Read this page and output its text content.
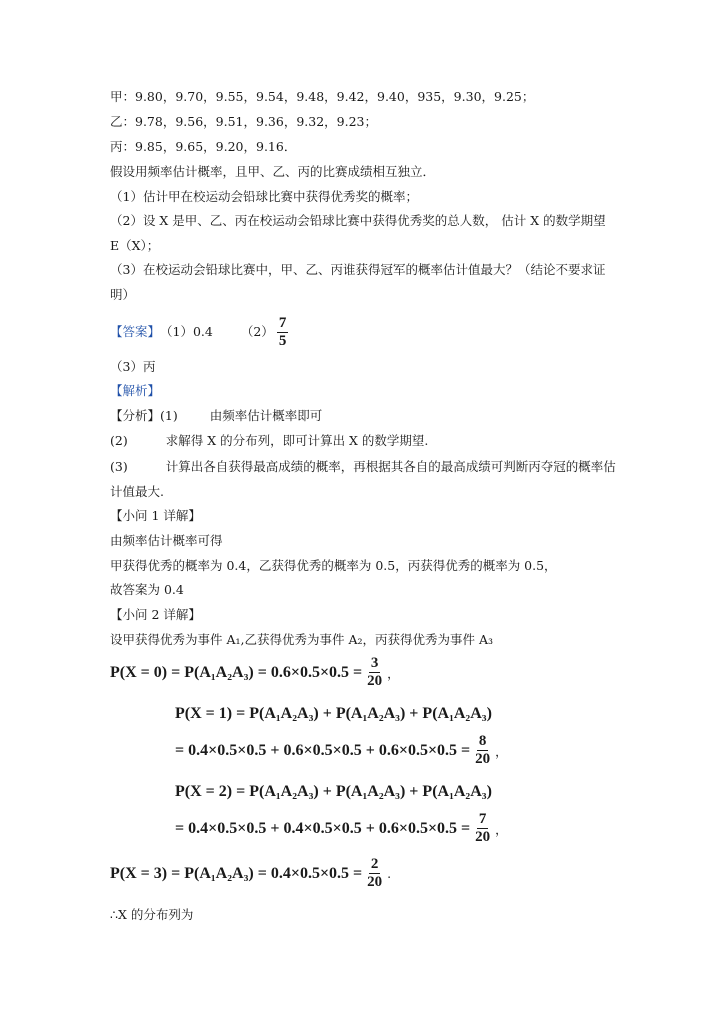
甲：9.80，9.70，9.55，9.54，9.48，9.42，9.40，935，9.30，9.25；
乙：9.78，9.56，9.51，9.36，9.32，9.23；
丙：9.85，9.65，9.20，9.16．
假设用频率估计概率，且甲、乙、丙的比赛成绩相互独立．
（1）估计甲在校运动会铅球比赛中获得优秀奖的概率；
（2）设 X 是甲、乙、丙在校运动会铅球比赛中获得优秀奖的总人数， 估计 X 的数学期望
E（X）；
（3）在校运动会铅球比赛中，甲、乙、丙谁获得冠军的概率估计值最大？（结论不要求证
明）
【答案】 （1）0.4 $(2) \frac{7}{5}$
（3）丙
【解析】
【分析】(1)	由频率估计概率即可
(2)	求解得 X 的分布列，即可计算出 X 的数学期望.
(3)	计算出各自获得最高成绩的概率，再根据其各自的最高成绩可判断丙夺冠的概率估
计值最大.
【小问 1 详解】
由频率估计概率可得
甲获得优秀的概率为 0.4，乙获得优秀的概率为 0.5，丙获得优秀的概率为 0.5，
故答案为 0.4
【小问 2 详解】
设甲获得优秀为事件 A₁,乙获得优秀为事件 A₂，丙获得优秀为事件 A₃
$P(X = 0) = P(A_1A_2A_3) = 0.6\times 0.5\times 0.5 = \frac{3}{20}$ ，
P(X = 1) = P(A₁A₂A₃) + P(A₁A₂A₃) + P(A₁A₂A₃)
= $0.4\times 0.5\times 0.5 + 0.6\times 0.5\times 0.5 + 0.6\times 0.5\times 0.5 = \frac{8}{20}$ ，
P(X = 2) = P(A₁A₂A₃) + P(A₁A₂A₃) + P(A₁A₂A₃)
= $0.4\times 0.5\times 0.5 + 0.4\times 0.5\times 0.5 + 0.6\times 0.5\times 0.5 = \frac{7}{20}$ ，
$P(X = 3) = P(A_1A_2A_3) = 0.4\times 0.5\times 0.5 = \frac{2}{20}$ .
∴X 的分布列为
